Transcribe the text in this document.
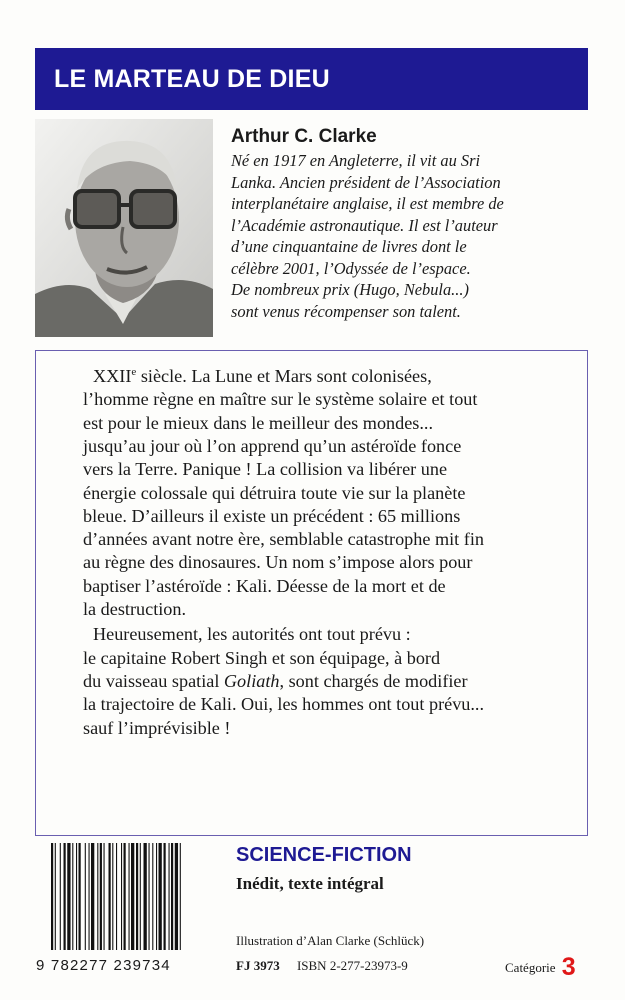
LE MARTEAU DE DIEU
Arthur C. Clarke
Né en 1917 en Angleterre, il vit au Sri
Lanka. Ancien président de l’Association
interplanétaire anglaise, il est membre de
l’Académie astronautique. Il est l’auteur
d’une cinquantaine de livres dont le
célèbre 2001, l’Odyssée de l’espace.
De nombreux prix (Hugo, Nebula...)
sont venus récompenser son talent.

XXIIe siècle. La Lune et Mars sont colonisées,
l’homme règne en maître sur le système solaire et tout
est pour le mieux dans le meilleur des mondes...
jusqu’au jour où l’on apprend qu’un astéroïde fonce
vers la Terre. Panique ! La collision va libérer une
énergie colossale qui détruira toute vie sur la planète
bleue. D’ailleurs il existe un précédent : 65 millions
d’années avant notre ère, semblable catastrophe mit fin
au règne des dinosaures. Un nom s’impose alors pour
baptiser l’astéroïde : Kali. Déesse de la mort et de
la destruction.

Heureusement, les autorités ont tout prévu :
le capitaine Robert Singh et son équipage, à bord
du vaisseau spatial Goliath, sont chargés de modifier
la trajectoire de Kali. Oui, les hommes ont tout prévu...
sauf l’imprévisible !

9 782277 239734
SCIENCE-FICTION
Inédit, texte intégral
Illustration d’Alan Clarke (Schlück)
FJ 3973 ISBN 2-277-23973-9	Catégorie 3
